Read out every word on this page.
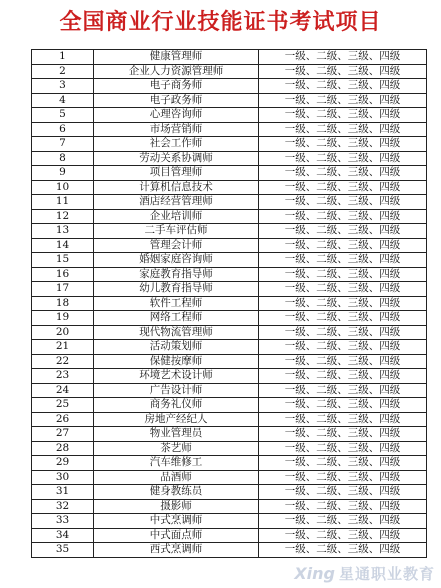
全国商业行业技能证书考试项目
1	健康管理师	一级、二级、三级、四级
2	企业人力资源管理师	一级、二级、三级、四级
3	电子商务师	一级、二级、三级、四级
4	电子政务师	一级、二级、三级、四级
5	心理咨询师	一级、二级、三级、四级
6	市场营销师	一级、二级、三级、四级
7	社会工作师	一级、二级、三级、四级
8	劳动关系协调师	一级、二级、三级、四级
9	项目管理师	一级、二级、三级、四级
10	计算机信息技术	一级、二级、三级、四级
11	酒店经营管理师	一级、二级、三级、四级
12	企业培训师	一级、二级、三级、四级
13	二手车评估师	一级、二级、三级、四级
14	管理会计师	一级、二级、三级、四级
15	婚姻家庭咨询师	一级、二级、三级、四级
16	家庭教育指导师	一级、二级、三级、四级
17	幼儿教育指导师	一级、二级、三级、四级
18	软件工程师	一级、二级、三级、四级
19	网络工程师	一级、二级、三级、四级
20	现代物流管理师	一级、二级、三级、四级
21	活动策划师	一级、二级、三级、四级
22	保健按摩师	一级、二级、三级、四级
23	环境艺术设计师	一级、二级、三级、四级
24	广告设计师	一级、二级、三级、四级
25	商务礼仪师	一级、二级、三级、四级
26	房地产经纪人	一级、二级、三级、四级
27	物业管理员	一级、二级、三级、四级
28	茶艺师	一级、二级、三级、四级
29	汽车维修工	一级、二级、三级、四级
30	品酒师	一级、二级、三级、四级
31	健身教练员	一级、二级、三级、四级
32	摄影师	一级、二级、三级、四级
33	中式烹调师	一级、二级、三级、四级
34	中式面点师	一级、二级、三级、四级
35	西式烹调师	一级、二级、三级、四级
Xing 星通职业教育
